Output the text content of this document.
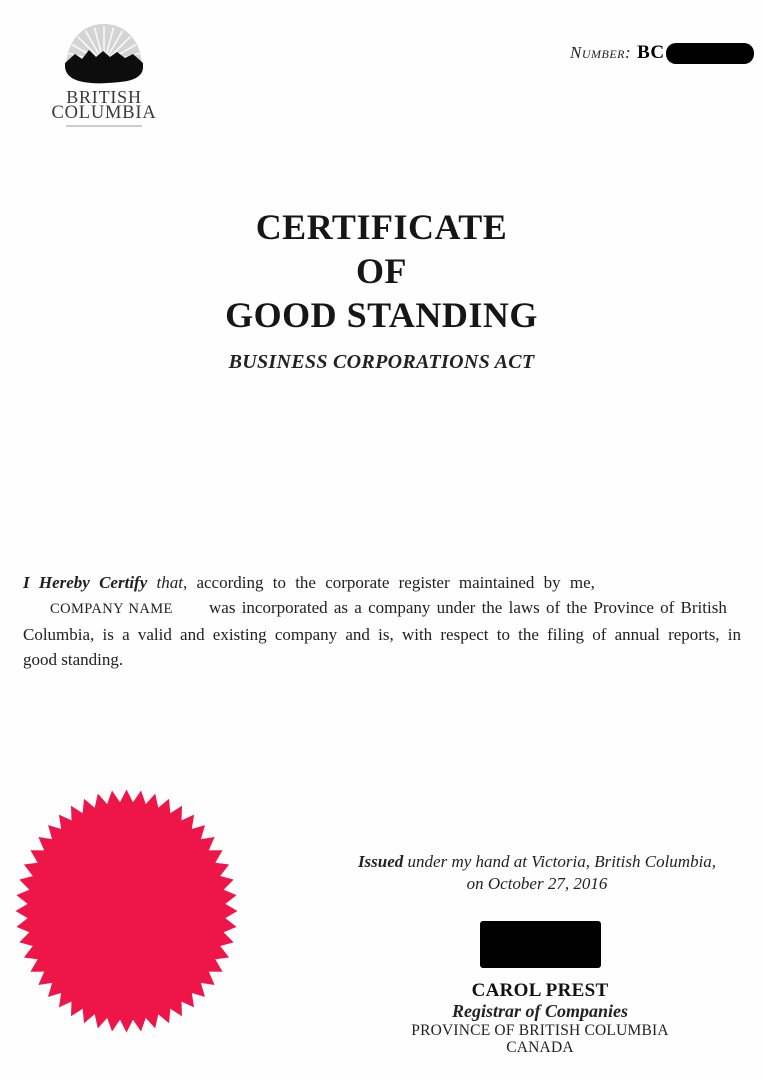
BRITISH
COLUMBIA
Number: BC
CERTIFICATE
OF
GOOD STANDING
BUSINESS CORPORATIONS ACT
I Hereby Certify that, according to the corporate register maintained by me,
COMPANY NAME was incorporated as a company under the laws of the Province of British
Columbia, is a valid and existing company and is, with respect to the filing of annual reports, in
good standing.
Issued under my hand at Victoria, British Columbia,
on October 27, 2016
CAROL PREST
Registrar of Companies
PROVINCE OF BRITISH COLUMBIA
CANADA
